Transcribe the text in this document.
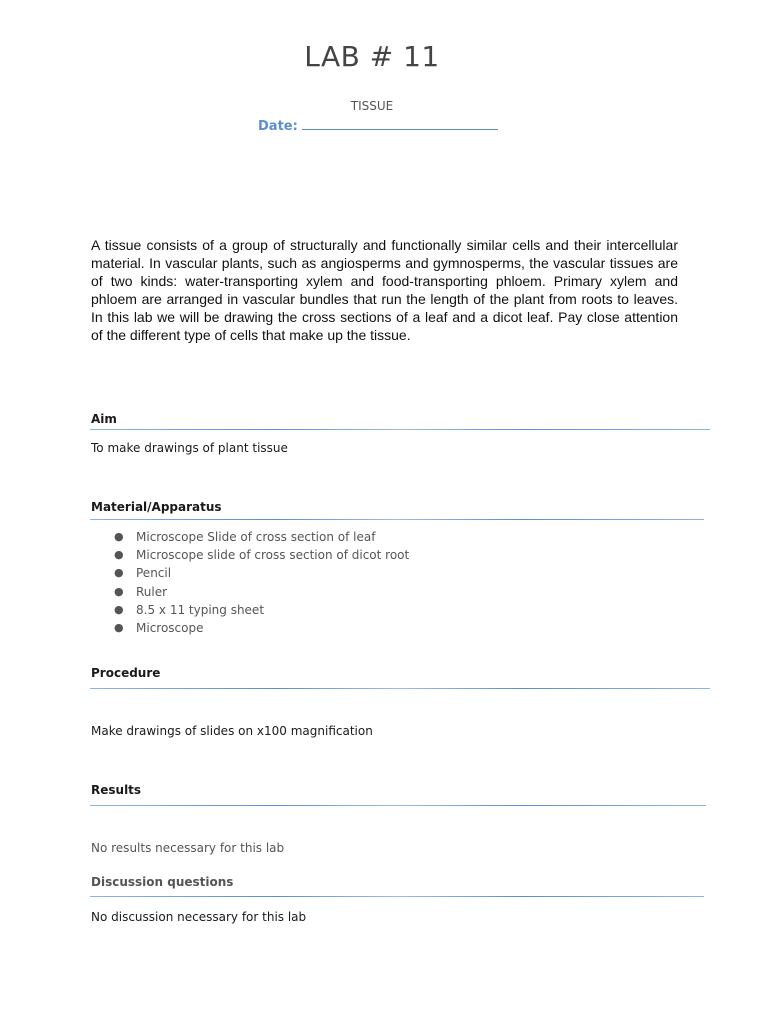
LAB # 11
TISSUE
Date:
A tissue consists of a group of structurally and functionally similar cells and their intercellular material. In vascular plants, such as angiosperms and gymnosperms, the vascular tissues are of two kinds: water-transporting xylem and food-transporting phloem. Primary xylem and phloem are arranged in vascular bundles that run the length of the plant from roots to leaves. In this lab we will be drawing the cross sections of a leaf and a dicot leaf. Pay close attention of the different type of cells that make up the tissue.
Aim
To make drawings of plant tissue
Material/Apparatus
● Microscope Slide of cross section of leaf
● Microscope slide of cross section of dicot root
● Pencil
● Ruler
● 8.5 x 11 typing sheet
● Microscope
Procedure
Make drawings of slides on x100 magnification
Results
No results necessary for this lab
Discussion questions
No discussion necessary for this lab
